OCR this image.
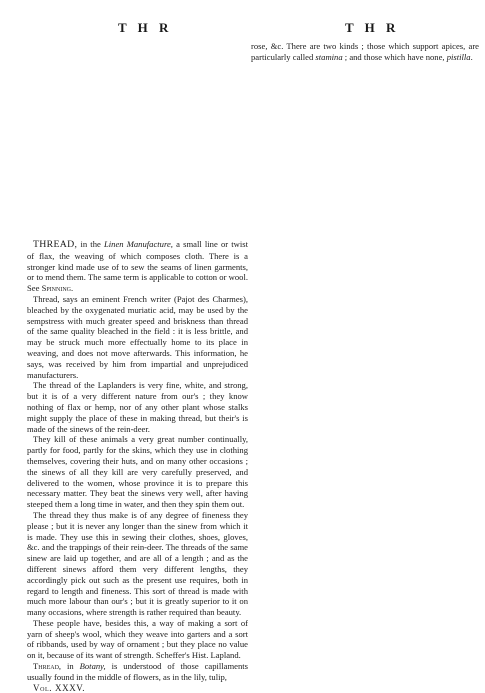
T H R	T H R

rose, &c. There are two kinds ; those which support apices, are particularly called stamina ; and those which have none, pistilla.

THREAD, in the Linen Manufacture, a small line or twist of flax, the weaving of which composes cloth. There is a stronger kind made use of to sew the seams of linen garments, or to mend them. The same term is applicable to cotton or wool. See Spinning.

Thread, says an eminent French writer (Pajot des Charmes), bleached by the oxygenated muriatic acid, may be used by the sempstress with much greater speed and briskness than thread of the same quality bleached in the field : it is less brittle, and may be struck much more effectually home to its place in weaving, and does not move afterwards. This information, he says, was received by him from impartial and unprejudiced manufacturers.

The thread of the Laplanders is very fine, white, and strong, but it is of a very different nature from our's ; they know nothing of flax or hemp, nor of any other plant whose stalks might supply the place of these in making thread, but their's is made of the sinews of the rein-deer.

They kill of these animals a very great number continually, partly for food, partly for the skins, which they use in clothing themselves, covering their huts, and on many other occasions ; the sinews of all they kill are very carefully preserved, and delivered to the women, whose province it is to prepare this necessary matter. They beat the sinews very well, after having steeped them a long time in water, and then they spin them out.

The thread they thus make is of any degree of fineness they please ; but it is never any longer than the sinew from which it is made. They use this in sewing their clothes, shoes, gloves, &c. and the trappings of their rein-deer. The threads of the same sinew are laid up together, and are all of a length ; and as the different sinews afford them very different lengths, they accordingly pick out such as the present use requires, both in regard to length and fineness. This sort of thread is made with much more labour than our's ; but it is greatly superior to it on many occasions, where strength is rather required than beauty.

These people have, besides this, a way of making a sort of yarn of sheep's wool, which they weave into garters and a sort of ribbands, used by way of ornament ; but they place no value on it, because of its want of strength. Scheffer's Hist. Lapland.

Thread, in Botany, is understood of those capillaments usually found in the middle of flowers, as in the lily, tulip,

Vol. XXXV.
